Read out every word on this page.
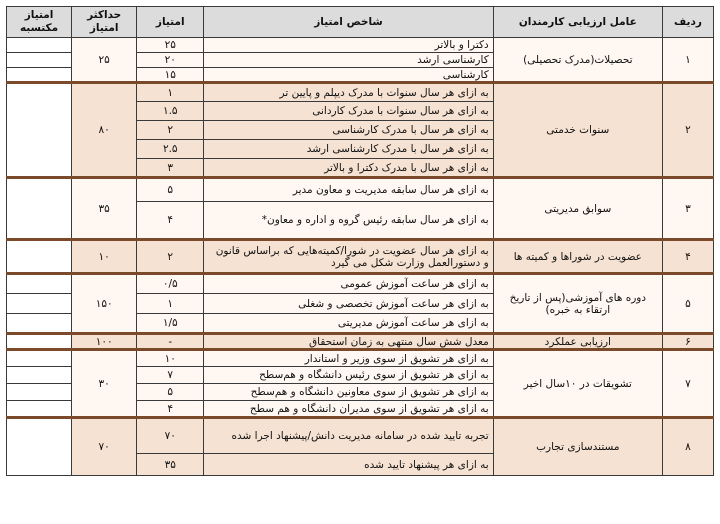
ردیف	عامل ارزیابی کارمندان	شاخص امتیاز	امتیاز	حداکثر امتیاز	امتیاز مکتسبه
۱	تحصیلات(مدرک تحصیلی)	دکترا و بالاتر	۲۵	۲۵	
		کارشناسی ارشد	۲۰		
		کارشناسی	۱۵		
۲	سنوات خدمتی	به ازای هر سال سنوات با مدرک دیپلم و پایین تر	۱	۸۰	
		به ازای هر سال سنوات با مدرک کاردانی	۱.۵		
		به ازای هر سال با مدرک کارشناسی	۲		
		به ازای هر سال با مدرک کارشناسی ارشد	۲.۵		
		به ازای هر سال با مدرک دکترا و بالاتر	۳		
۳	سوابق مدیریتی	به ازای هر سال سابقه مدیریت و معاون مدیر	۵	۳۵	
		به ازای هر سال سابقه رئیس گروه و اداره و معاون*	۴		
۴	عضویت در شوراها و کمیته ها	به ازای هر سال عضویت در شورا/کمیته‌هایی که براساس قانون و دستورالعمل وزارت شکل می گیرد	۲	۱۰	
۵	دوره های آموزشی(پس از تاریخ ارتقاء به خبره)	به ازای هر ساعت آموزش عمومی	۰/۵	۱۵۰	
		به ازای هر ساعت آموزش تخصصی و شغلی	۱		
		به ازای هر ساعت آموزش مدیریتی	۱/۵		
۶	ارزیابی عملکرد	معدل شش سال منتهی به زمان استحقاق	-	۱۰۰	
۷	تشویقات در ۱۰سال اخیر	به ازای هر تشویق از سوی وزیر و استاندار	۱۰	۳۰	
		به ازای هر تشویق از سوی رئیس دانشگاه و هم‌سطح	۷		
		به ازای هر تشویق از سوی معاونین دانشگاه و هم‌سطح	۵		
		به ازای هر تشویق از سوی مدیران دانشگاه و هم سطح	۴		
۸	مستندسازی تجارب	تجربه تایید شده در سامانه مدیریت دانش/پیشنهاد اجرا شده	۷۰	۷۰	
		به ازای هر پیشنهاد تایید شده	۳۵		
